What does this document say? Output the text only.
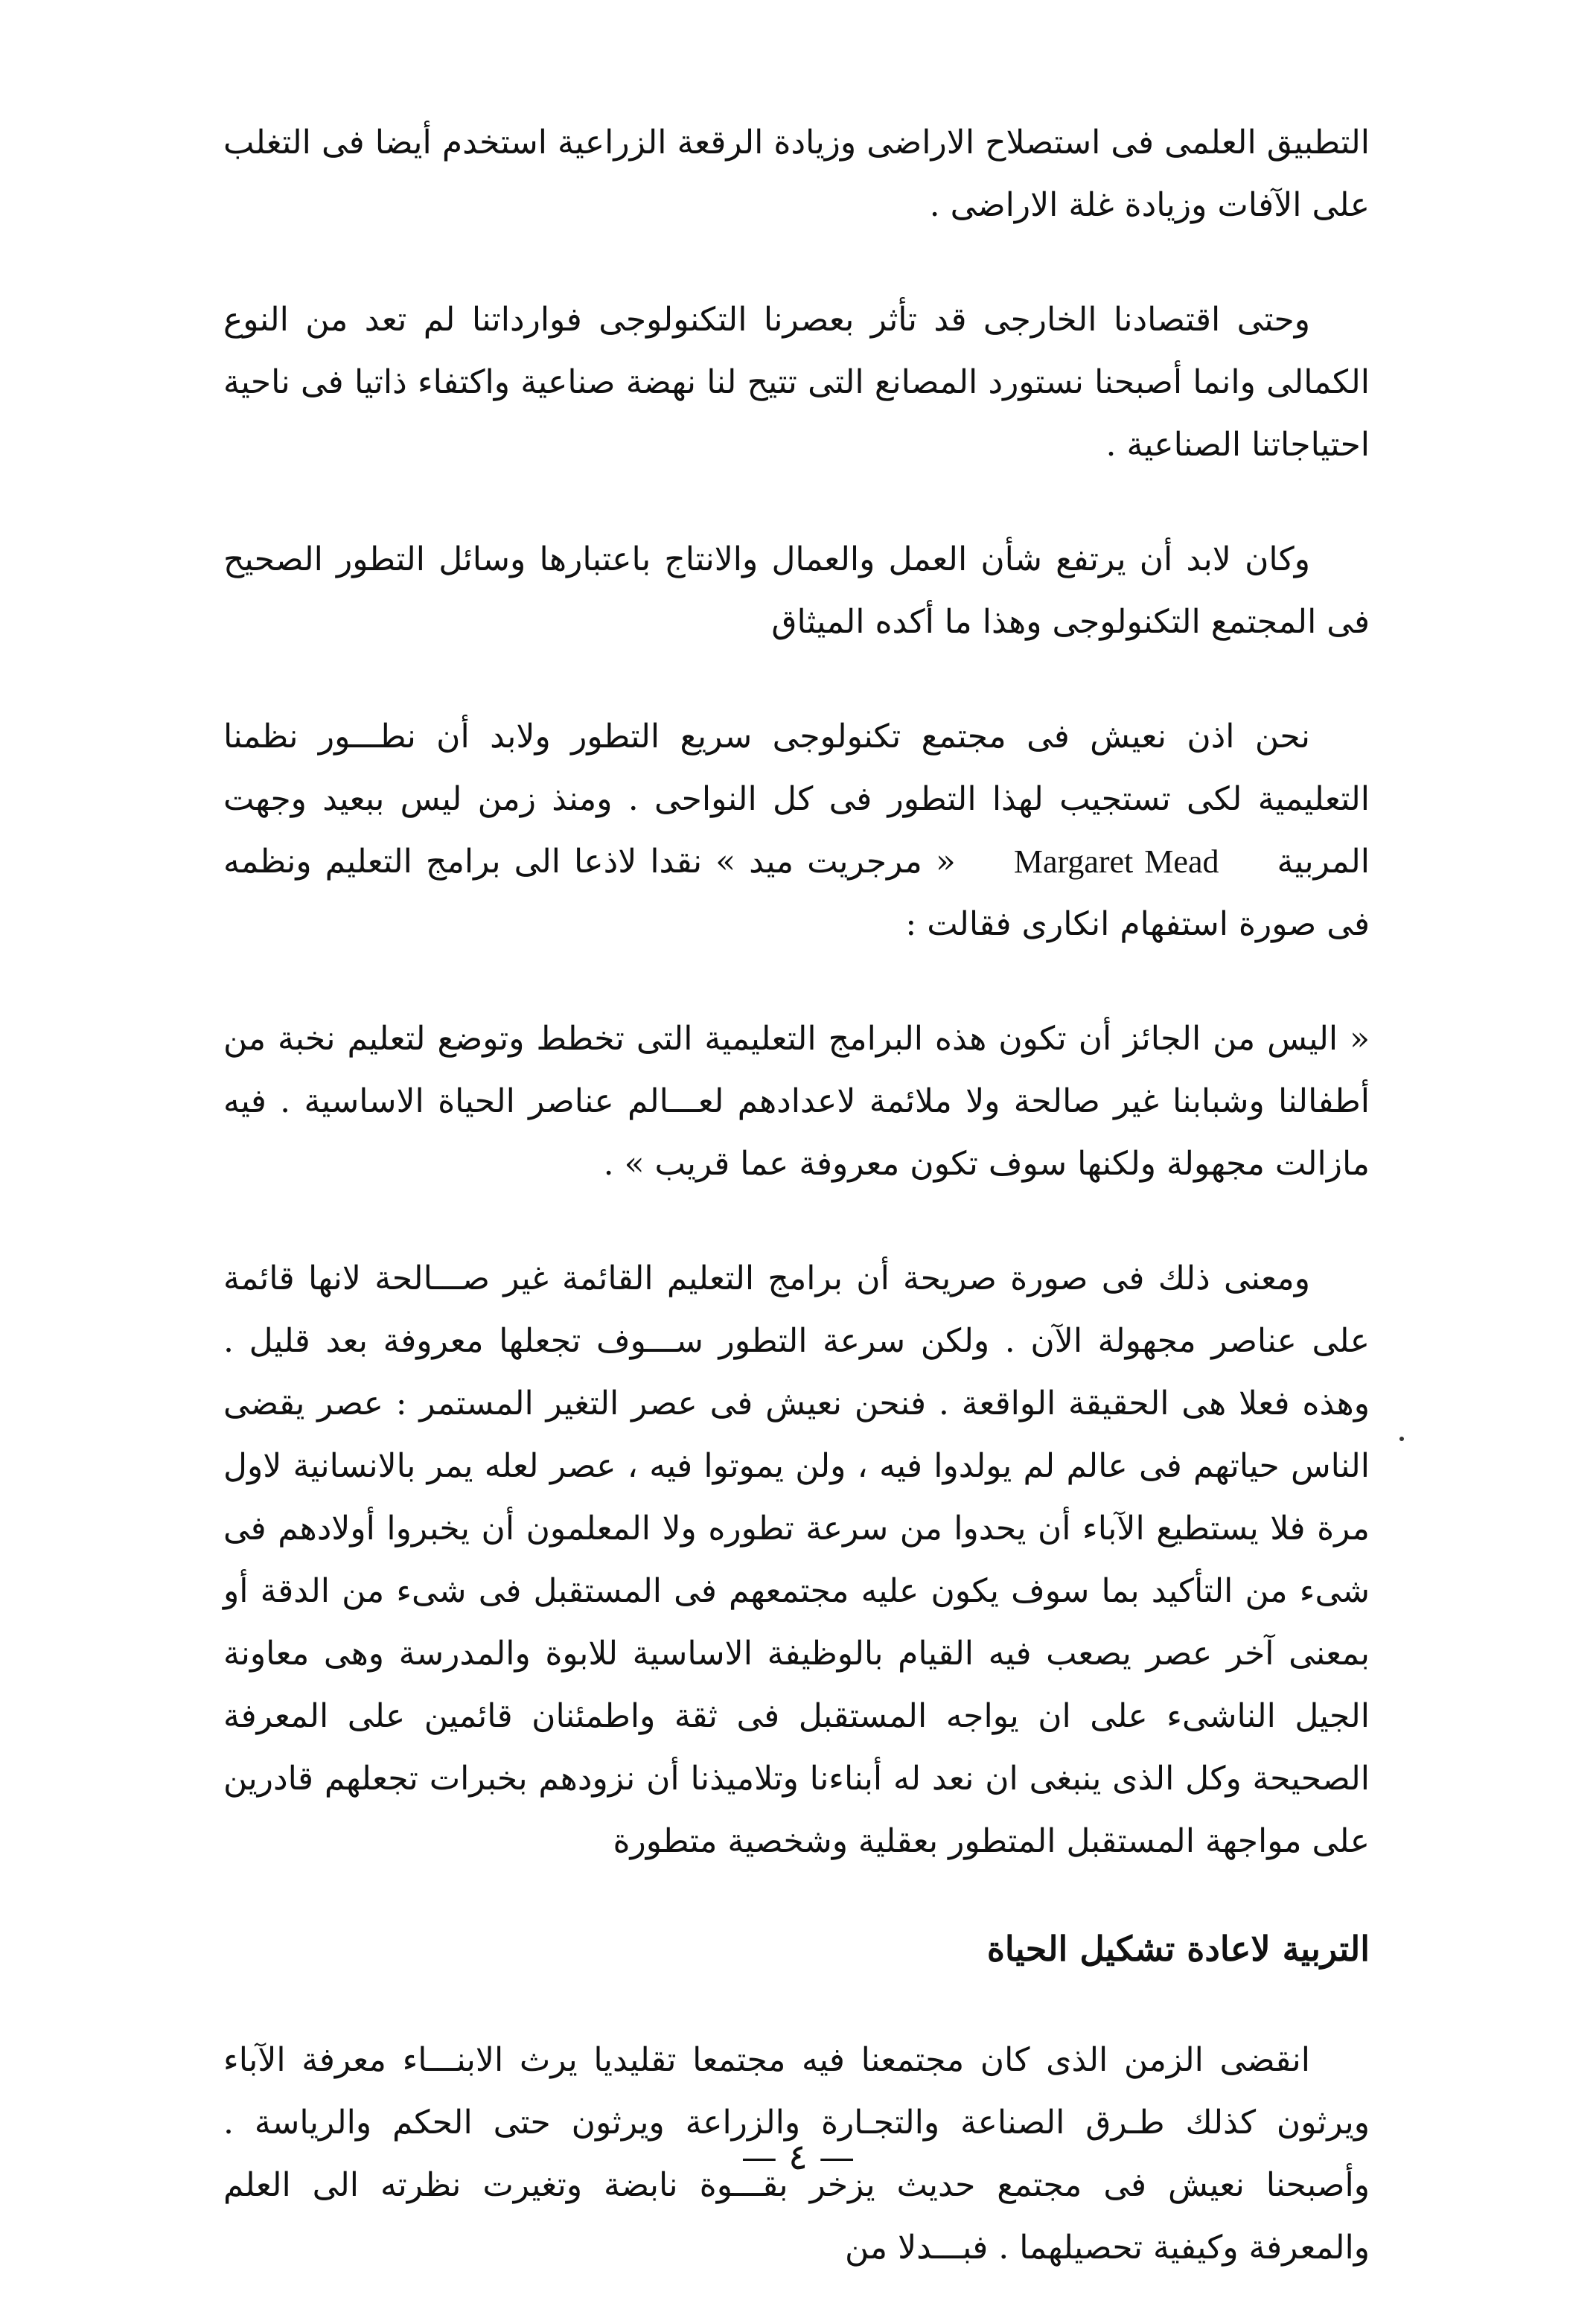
التطبيق العلمى فى استصلاح الاراضى وزيادة الرقعة الزراعية استخدم أيضا فى التغلب على الآفات وزيادة غلة الاراضى .

وحتى اقتصادنا الخارجى قد تأثر بعصرنا التكنولوجى فوارداتنا لم تعد من النوع الكمالى وانما أصبحنا نستورد المصانع التى تتيح لنا نهضة صناعية واكتفاء ذاتيا فى ناحية احتياجاتنا الصناعية .

وكان لابد أن يرتفع شأن العمل والعمال والانتاج باعتبارها وسائل التطور الصحيح فى المجتمع التكنولوجى وهذا ما أكده الميثاق

نحن اذن نعيش فى مجتمع تكنولوجى سريع التطور ولابد أن نطـــور نظمنا التعليمية لكى تستجيب لهذا التطور فى كل النواحى . ومنذ زمن ليس ببعيد وجهت المربية Margaret Mead « مرجريت ميد » نقدا لاذعا الى برامج التعليم ونظمه فى صورة استفهام انكارى فقالت :

« اليس من الجائز أن تكون هذه البرامج التعليمية التى تخطط وتوضع لتعليم نخبة من أطفالنا وشبابنا غير صالحة ولا ملائمة لاعدادهم لعـــالم عناصر الحياة الاساسية . فيه مازالت مجهولة ولكنها سوف تكون معروفة عما قريب » .

ومعنى ذلك فى صورة صريحة أن برامج التعليم القائمة غير صـــالحة لانها قائمة على عناصر مجهولة الآن . ولكن سرعة التطور ســـوف تجعلها معروفة بعد قليل . وهذه فعلا هى الحقيقة الواقعة . فنحن نعيش فى عصر التغير المستمر : عصر يقضى الناس حياتهم فى عالم لم يولدوا فيه ، ولن يموتوا فيه ، عصر لعله يمر بالانسانية لاول مرة فلا يستطيع الآباء أن يحدوا من سرعة تطوره ولا المعلمون أن يخبروا أولادهم فى شىء من التأكيد بما سوف يكون عليه مجتمعهم فى المستقبل فى شىء من الدقة أو بمعنى آخر عصر يصعب فيه القيام بالوظيفة الاساسية للابوة والمدرسة وهى معاونة الجيل الناشىء على ان يواجه المستقبل فى ثقة واطمئنان قائمين على المعرفة الصحيحة وكل الذى ينبغى ان نعد له أبناءنا وتلاميذنا أن نزودهم بخبرات تجعلهم قادرين على مواجهة المستقبل المتطور بعقلية وشخصية متطورة

التربية لاعادة تشكيل الحياة

انقضى الزمن الذى كان مجتمعنا فيه مجتمعا تقليديا يرث الابنـــاء معرفة الآباء ويرثون كذلك طـرق الصناعة والتجـارة والزراعة ويرثون حتى الحكم والرياسة . وأصبحنا نعيش فى مجتمع حديث يزخر بقـــوة نابضة وتغيرت نظرته الى العلم والمعرفة وكيفية تحصيلهما . فبـــدلا من

— ٤ —
